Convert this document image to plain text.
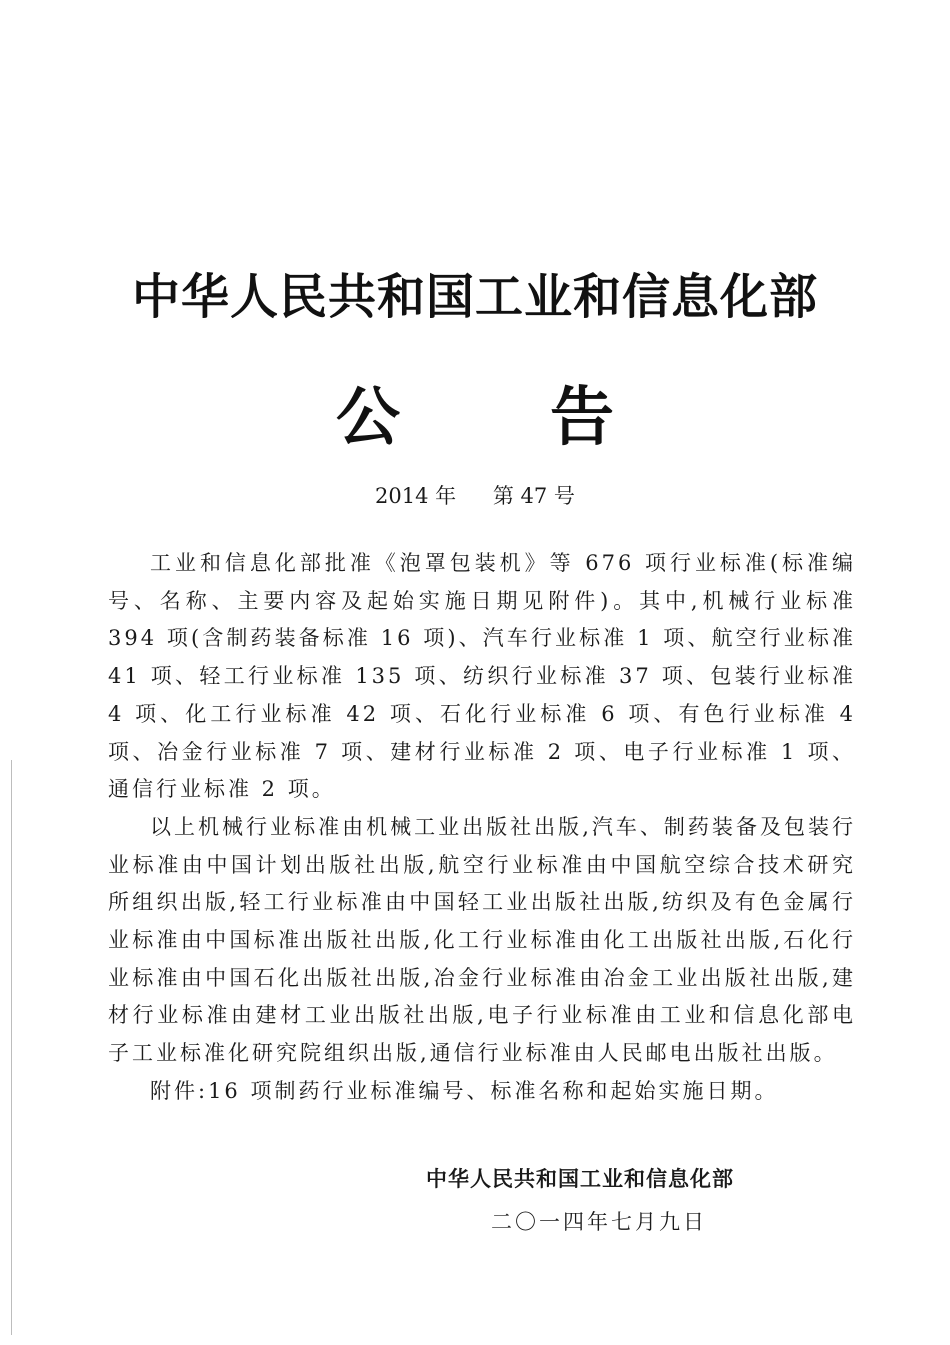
中华人民共和国工业和信息化部
公告
2014 年 第 47 号

工业和信息化部批准《泡罩包装机》等 676 项行业标准(标准编号、名称、主要内容及起始实施日期见附件)。其中,机械行业标准 394 项(含制药装备标准 16 项)、汽车行业标准 1 项、航空行业标准 41 项、轻工行业标准 135 项、纺织行业标准 37 项、包装行业标准 4 项、化工行业标准 42 项、石化行业标准 6 项、有色行业标准 4 项、冶金行业标准 7 项、建材行业标准 2 项、电子行业标准 1 项、通信行业标准 2 项。

以上机械行业标准由机械工业出版社出版,汽车、制药装备及包装行业标准由中国计划出版社出版,航空行业标准由中国航空综合技术研究所组织出版,轻工行业标准由中国轻工业出版社出版,纺织及有色金属行业标准由中国标准出版社出版,化工行业标准由化工出版社出版,石化行业标准由中国石化出版社出版,冶金行业标准由冶金工业出版社出版,建材行业标准由建材工业出版社出版,电子行业标准由工业和信息化部电子工业标准化研究院组织出版,通信行业标准由人民邮电出版社出版。

附件:16 项制药行业标准编号、标准名称和起始实施日期。

中华人民共和国工业和信息化部
二〇一四年七月九日
